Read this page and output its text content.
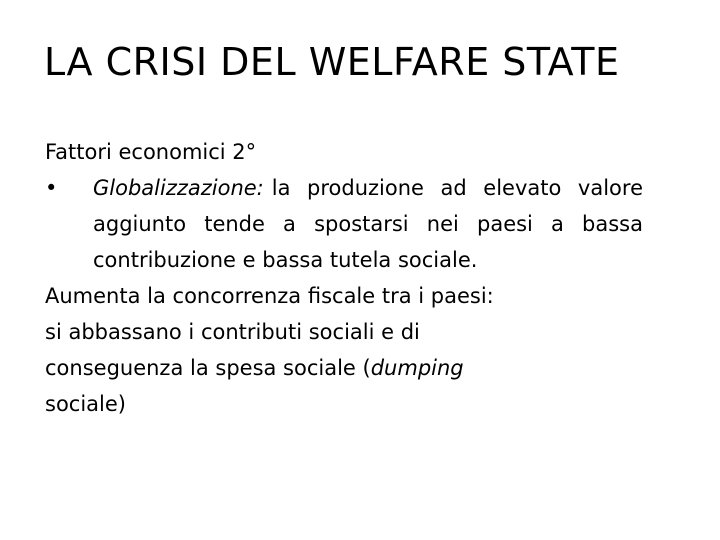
LA CRISI DEL WELFARE STATE
Fattori economici 2°
• Globalizzazione: la produzione ad elevato valore aggiunto tende a spostarsi nei paesi a bassa contribuzione e bassa tutela sociale.
Aumenta la concorrenza fiscale tra i paesi:
si abbassano i contributi sociali e di
conseguenza la spesa sociale (dumping
sociale)
